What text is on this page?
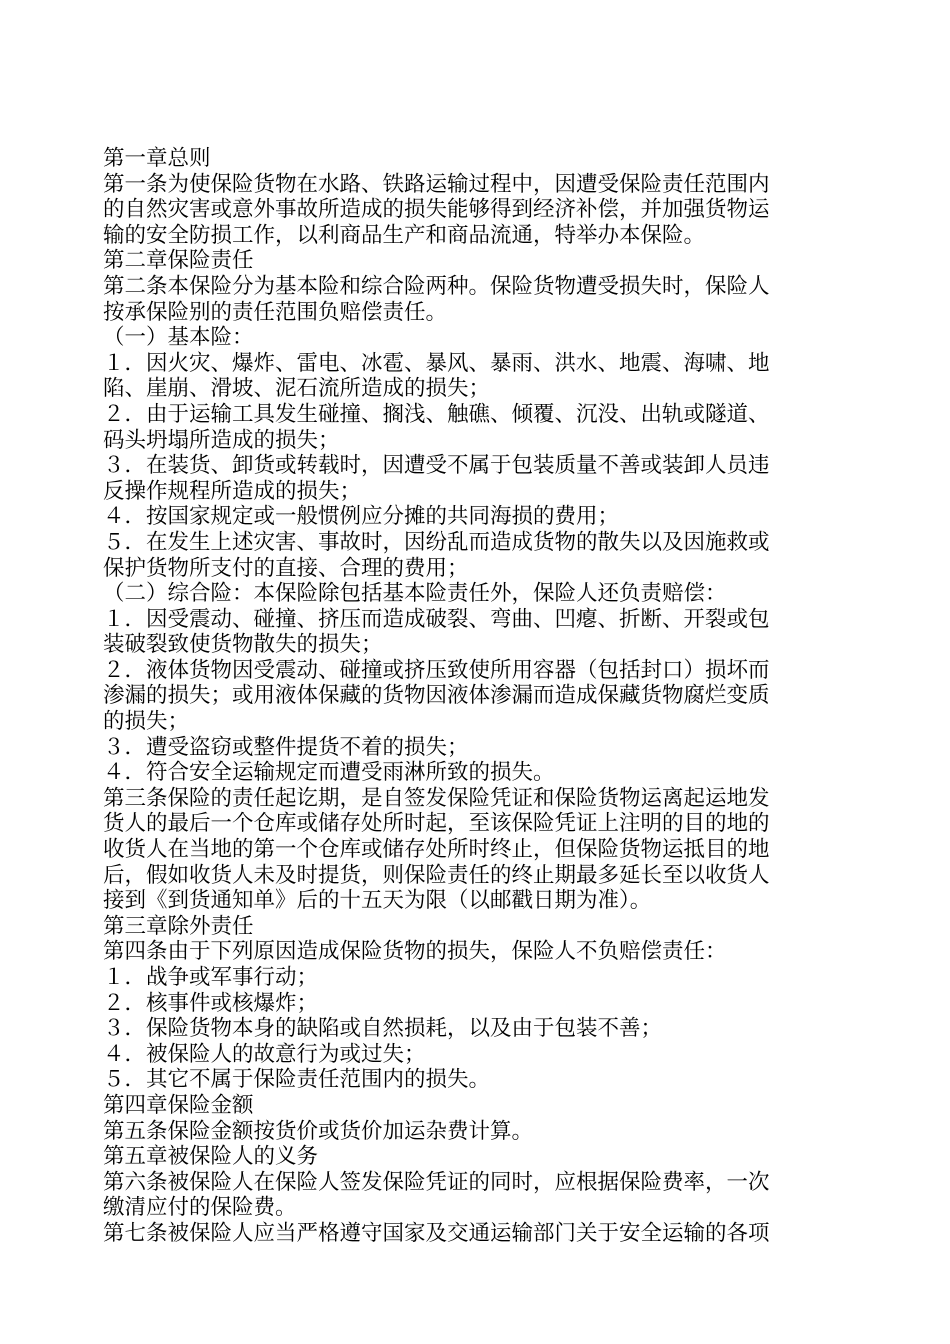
第一章总则
第一条为使保险货物在水路、铁路运输过程中，因遭受保险责任范围内
的自然灾害或意外事故所造成的损失能够得到经济补偿，并加强货物运
输的安全防损工作，以利商品生产和商品流通，特举办本保险。
第二章保险责任
第二条本保险分为基本险和综合险两种。保险货物遭受损失时，保险人
按承保险别的责任范围负赔偿责任。
（一）基本险：
１．因火灾、爆炸、雷电、冰雹、暴风、暴雨、洪水、地震、海啸、地
陷、崖崩、滑坡、泥石流所造成的损失；
２．由于运输工具发生碰撞、搁浅、触礁、倾覆、沉没、出轨或隧道、
码头坍塌所造成的损失；
３．在装货、卸货或转载时，因遭受不属于包装质量不善或装卸人员违
反操作规程所造成的损失；
４．按国家规定或一般惯例应分摊的共同海损的费用；
５．在发生上述灾害、事故时，因纷乱而造成货物的散失以及因施救或
保护货物所支付的直接、合理的费用；
（二）综合险：本保险除包括基本险责任外，保险人还负责赔偿：
１．因受震动、碰撞、挤压而造成破裂、弯曲、凹瘪、折断、开裂或包
装破裂致使货物散失的损失；
２．液体货物因受震动、碰撞或挤压致使所用容器（包括封口）损坏而
渗漏的损失；或用液体保藏的货物因液体渗漏而造成保藏货物腐烂变质
的损失；
３．遭受盗窃或整件提货不着的损失；
４．符合安全运输规定而遭受雨淋所致的损失。
第三条保险的责任起讫期，是自签发保险凭证和保险货物运离起运地发
货人的最后一个仓库或储存处所时起，至该保险凭证上注明的目的地的
收货人在当地的第一个仓库或储存处所时终止，但保险货物运抵目的地
后，假如收货人未及时提货，则保险责任的终止期最多延长至以收货人
接到《到货通知单》后的十五天为限（以邮戳日期为准）。
第三章除外责任
第四条由于下列原因造成保险货物的损失，保险人不负赔偿责任：
１．战争或军事行动；
２．核事件或核爆炸；
３．保险货物本身的缺陷或自然损耗，以及由于包装不善；
４．被保险人的故意行为或过失；
５．其它不属于保险责任范围内的损失。
第四章保险金额
第五条保险金额按货价或货价加运杂费计算。
第五章被保险人的义务
第六条被保险人在保险人签发保险凭证的同时，应根据保险费率，一次
缴清应付的保险费。
第七条被保险人应当严格遵守国家及交通运输部门关于安全运输的各项
